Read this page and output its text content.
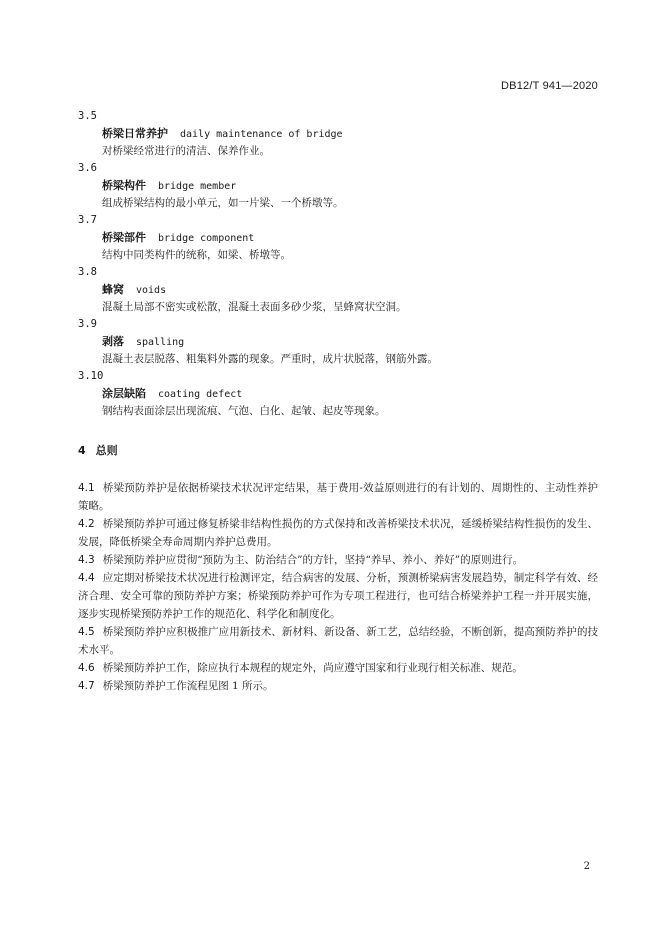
DB12/T 941—2020
3.5
桥梁日常养护 daily maintenance of bridge
对桥梁经常进行的清洁、保养作业。
3.6
桥梁构件 bridge member
组成桥梁结构的最小单元，如一片梁、一个桥墩等。
3.7
桥梁部件 bridge component
结构中同类构件的统称，如梁、桥墩等。
3.8
蜂窝 voids
混凝土局部不密实或松散，混凝土表面多砂少浆，呈蜂窝状空洞。
3.9
剥落 spalling
混凝土表层脱落、粗集料外露的现象。严重时，成片状脱落，钢筋外露。
3.10
涂层缺陷 coating defect
钢结构表面涂层出现流痕、气泡、白化、起皱、起皮等现象。
4 总则

4.1 桥梁预防养护是依据桥梁技术状况评定结果，基于费用-效益原则进行的有计划的、周期性的、主动性养护策略。

4.2 桥梁预防养护可通过修复桥梁非结构性损伤的方式保持和改善桥梁技术状况，延缓桥梁结构性损伤的发生、发展，降低桥梁全寿命周期内养护总费用。

4.3 桥梁预防养护应贯彻“预防为主、防治结合”的方针，坚持“养早、养小、养好”的原则进行。

4.4 应定期对桥梁技术状况进行检测评定，结合病害的发展、分析，预测桥梁病害发展趋势，制定科学有效、经济合理、安全可靠的预防养护方案；桥梁预防养护可作为专项工程进行，也可结合桥梁养护工程一并开展实施，逐步实现桥梁预防养护工作的规范化、科学化和制度化。

4.5 桥梁预防养护应积极推广应用新技术、新材料、新设备、新工艺，总结经验，不断创新，提高预防养护的技术水平。

4.6 桥梁预防养护工作，除应执行本规程的规定外，尚应遵守国家和行业现行相关标准、规范。

4.7 桥梁预防养护工作流程见图 1 所示。

2
